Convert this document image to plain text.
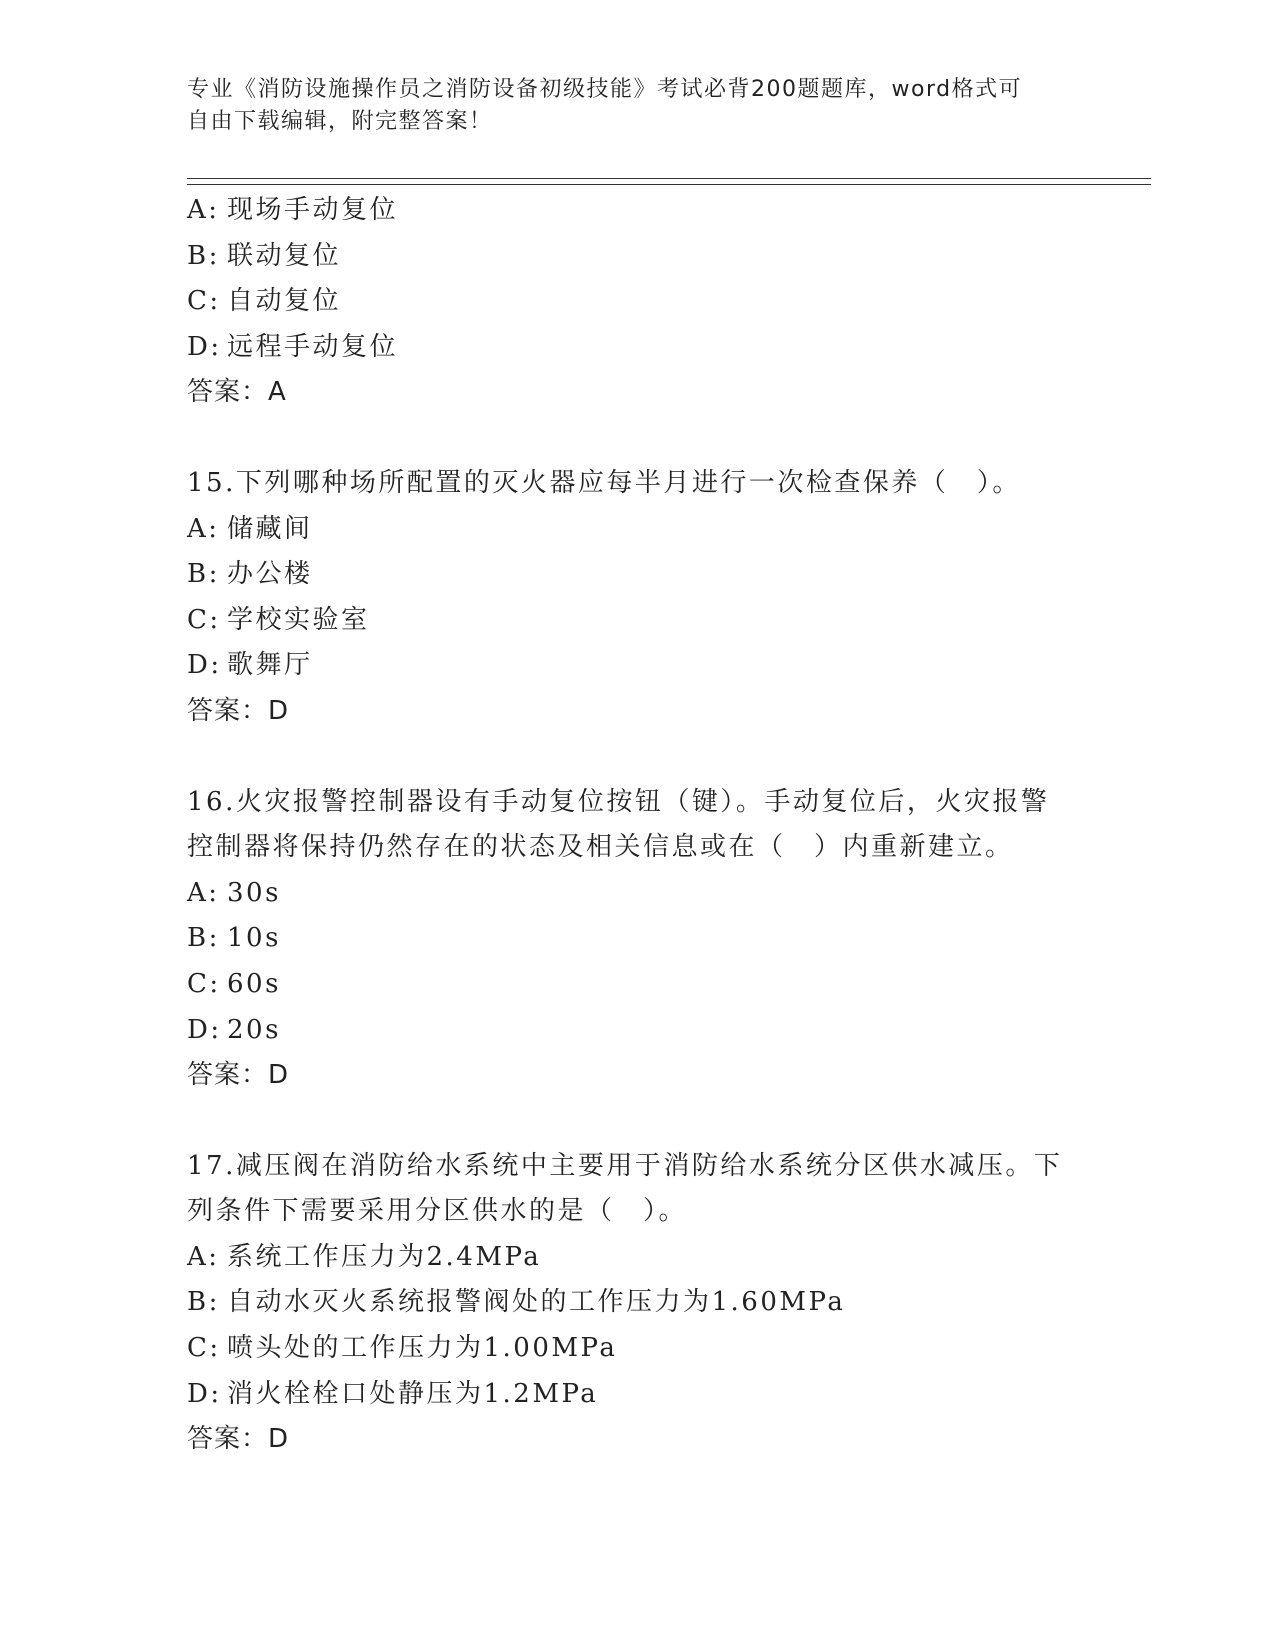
专业《消防设施操作员之消防设备初级技能》考试必背200题题库，word格式可
自由下载编辑，附完整答案！
A: 现场手动复位
B: 联动复位
C: 自动复位
D: 远程手动复位
答案：A
15.下列哪种场所配置的灭火器应每半月进行一次检查保养（　）。
A: 储藏间
B: 办公楼
C: 学校实验室
D: 歌舞厅
答案：D
16.火灾报警控制器设有手动复位按钮（键）。手动复位后，火灾报警
控制器将保持仍然存在的状态及相关信息或在（　）内重新建立。
A: 30s
B: 10s
C: 60s
D: 20s
答案：D
17.减压阀在消防给水系统中主要用于消防给水系统分区供水减压。下
列条件下需要采用分区供水的是（　）。
A: 系统工作压力为2.4MPa
B: 自动水灭火系统报警阀处的工作压力为1.60MPa
C: 喷头处的工作压力为1.00MPa
D: 消火栓栓口处静压为1.2MPa
答案：D
